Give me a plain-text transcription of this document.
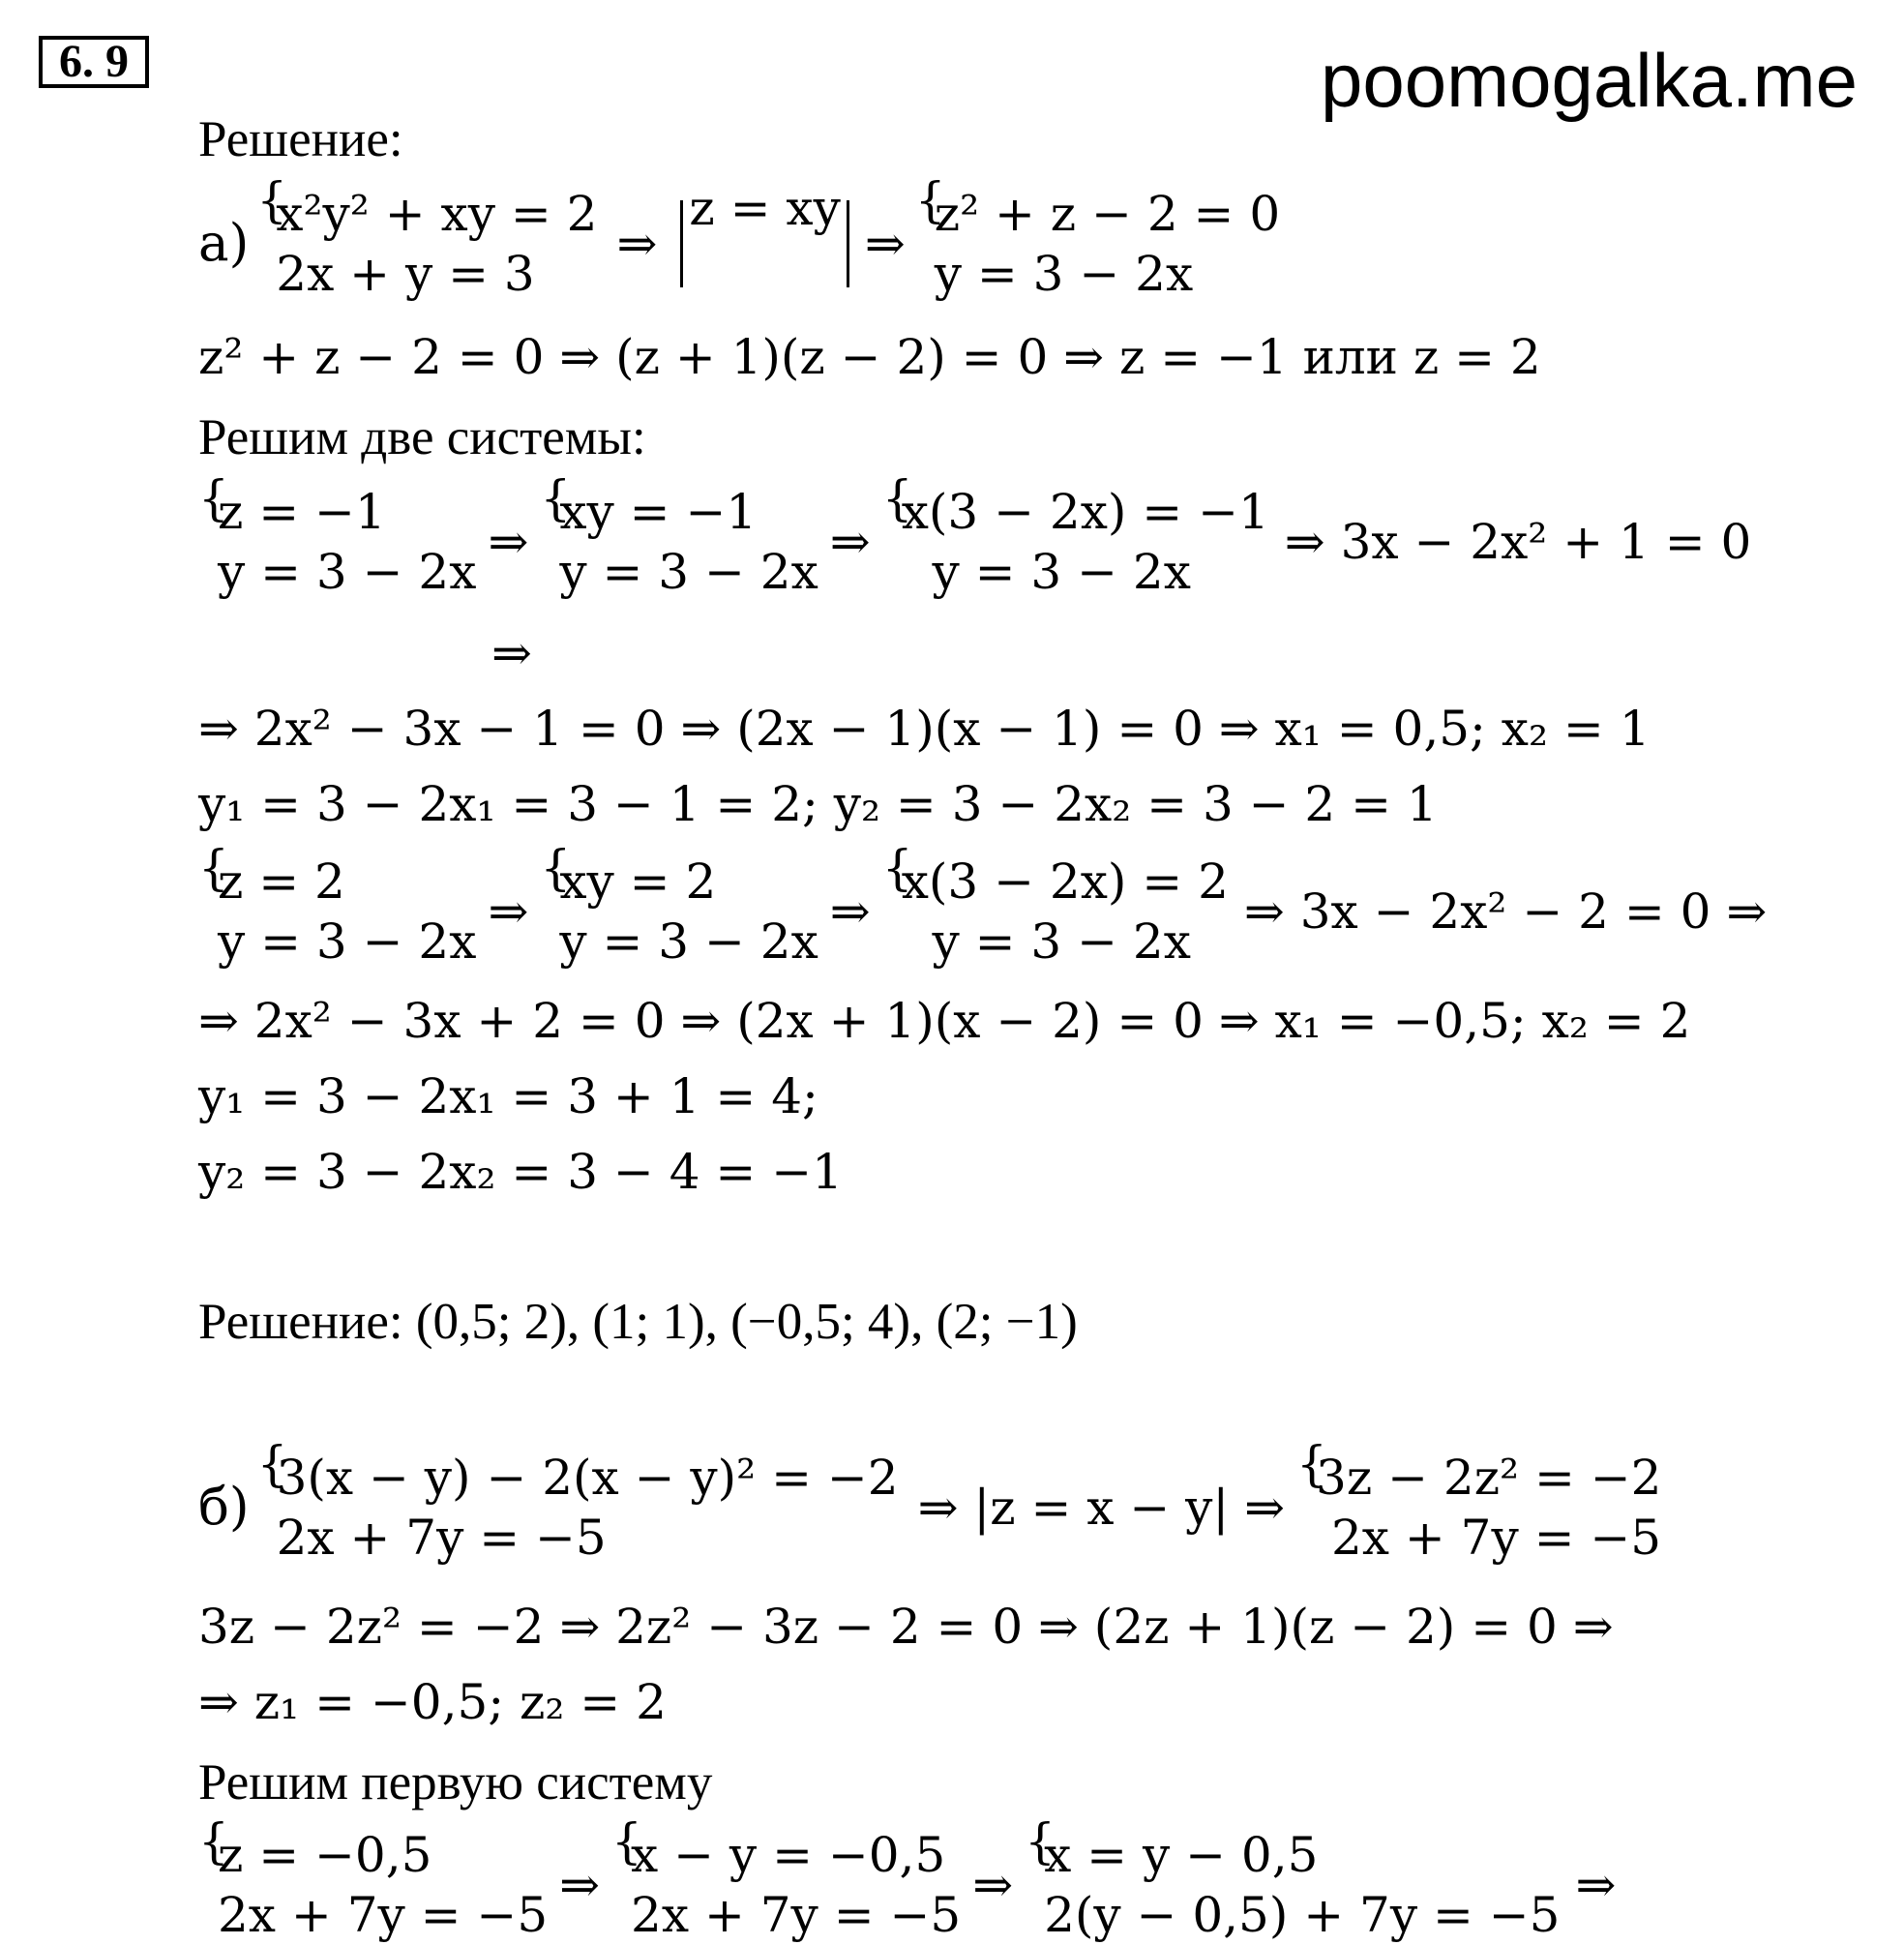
6. 9	poomogalka.me
Решение:
а)
{
x²y² + xy = 2
2x + y = 3
⇒
z = xy
⇒
{
z² + z − 2 = 0
y = 3 − 2x
z² + z − 2 = 0 ⇒ (z + 1)(z − 2) = 0 ⇒ z = −1 или z = 2
Решим две системы:
{
z = −1
y = 3 − 2x
⇒
{
xy = −1
y = 3 − 2x
⇒
{
x(3 − 2x) = −1
y = 3 − 2x
⇒ 3x − 2x² + 1 = 0
⇒
⇒ 2x² − 3x − 1 = 0 ⇒ (2x − 1)(x − 1) = 0 ⇒ x₁ = 0,5; x₂ = 1
y₁ = 3 − 2x₁ = 3 − 1 = 2; y₂ = 3 − 2x₂ = 3 − 2 = 1
{
z = 2
y = 3 − 2x
⇒
{
xy = 2
y = 3 − 2x
⇒
{
x(3 − 2x) = 2
y = 3 − 2x
⇒ 3x − 2x² − 2 = 0 ⇒
⇒ 2x² − 3x + 2 = 0 ⇒ (2x + 1)(x − 2) = 0 ⇒ x₁ = −0,5; x₂ = 2
y₁ = 3 − 2x₁ = 3 + 1 = 4;
y₂ = 3 − 2x₂ = 3 − 4 = −1
Решение: (0,5; 2), (1; 1), (−0,5; 4), (2; −1)
б)
{
3(x − y) − 2(x − y)² = −2
2x + 7y = −5
⇒ |z = x − y| ⇒
{
3z − 2z² = −2
2x + 7y = −5
3z − 2z² = −2 ⇒ 2z² − 3z − 2 = 0 ⇒ (2z + 1)(z − 2) = 0 ⇒
⇒ z₁ = −0,5; z₂ = 2
Решим первую систему
{
z = −0,5
2x + 7y = −5
⇒
{
x − y = −0,5
2x + 7y = −5
⇒
{
x = y − 0,5
2(y − 0,5) + 7y = −5
⇒
